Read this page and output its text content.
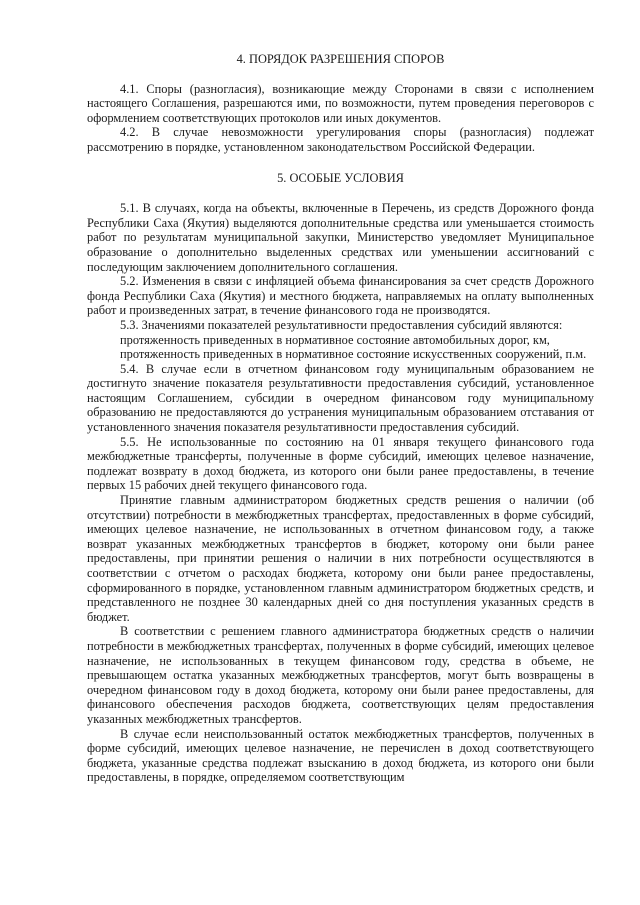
4. ПОРЯДОК РАЗРЕШЕНИЯ СПОРОВ

4.1. Споры (разногласия), возникающие между Сторонами в связи с исполнением настоящего Соглашения, разрешаются ими, по возможности, путем проведения переговоров с оформлением соответствующих протоколов или иных документов.

4.2. В случае невозможности урегулирования споры (разногласия) подлежат рассмотрению в порядке, установленном законодательством Российской Федерации.

5. ОСОБЫЕ УСЛОВИЯ

5.1. В случаях, когда на объекты, включенные в Перечень, из средств Дорожного фонда Республики Саха (Якутия) выделяются дополнительные средства или уменьшается стоимость работ по результатам муниципальной закупки, Министерство уведомляет Муниципальное образование о дополнительно выделенных средствах или уменьшении ассигнований с последующим заключением дополнительного соглашения.

5.2. Изменения в связи с инфляцией объема финансирования за счет средств Дорожного фонда Республики Саха (Якутия) и местного бюджета, направляемых на оплату выполненных работ и произведенных затрат, в течение финансового года не производятся.

5.3. Значениями показателей результативности предоставления субсидий являются:

протяженность приведенных в нормативное состояние автомобильных дорог, км,

протяженность приведенных в нормативное состояние искусственных сооружений, п.м.

5.4. В случае если в отчетном финансовом году муниципальным образованием не достигнуто значение показателя результативности предоставления субсидий, установленное настоящим Соглашением, субсидии в очередном финансовом году муниципальному образованию не предоставляются до устранения муниципальным образованием отставания от установленного значения показателя результативности предоставления субсидий.

5.5. Не использованные по состоянию на 01 января текущего финансового года межбюджетные трансферты, полученные в форме субсидий, имеющих целевое назначение, подлежат возврату в доход бюджета, из которого они были ранее предоставлены, в течение первых 15 рабочих дней текущего финансового года.

Принятие главным администратором бюджетных средств решения о наличии (об отсутствии) потребности в межбюджетных трансфертах, предоставленных в форме субсидий, имеющих целевое назначение, не использованных в отчетном финансовом году, а также возврат указанных межбюджетных трансфертов в бюджет, которому они были ранее предоставлены, при принятии решения о наличии в них потребности осуществляются в соответствии с отчетом о расходах бюджета, которому они были ранее предоставлены, сформированного в порядке, установленном главным администратором бюджетных средств, и представленного не позднее 30 календарных дней со дня поступления указанных средств в бюджет.

В соответствии с решением главного администратора бюджетных средств о наличии потребности в межбюджетных трансфертах, полученных в форме субсидий, имеющих целевое назначение, не использованных в текущем финансовом году, средства в объеме, не превышающем остатка указанных межбюджетных трансфертов, могут быть возвращены в очередном финансовом году в доход бюджета, которому они были ранее предоставлены, для финансового обеспечения расходов бюджета, соответствующих целям предоставления указанных межбюджетных трансфертов.

В случае если неиспользованный остаток межбюджетных трансфертов, полученных в форме субсидий, имеющих целевое назначение, не перечислен в доход соответствующего бюджета, указанные средства подлежат взысканию в доход бюджета, из которого они были предоставлены, в порядке, определяемом соответствующим
